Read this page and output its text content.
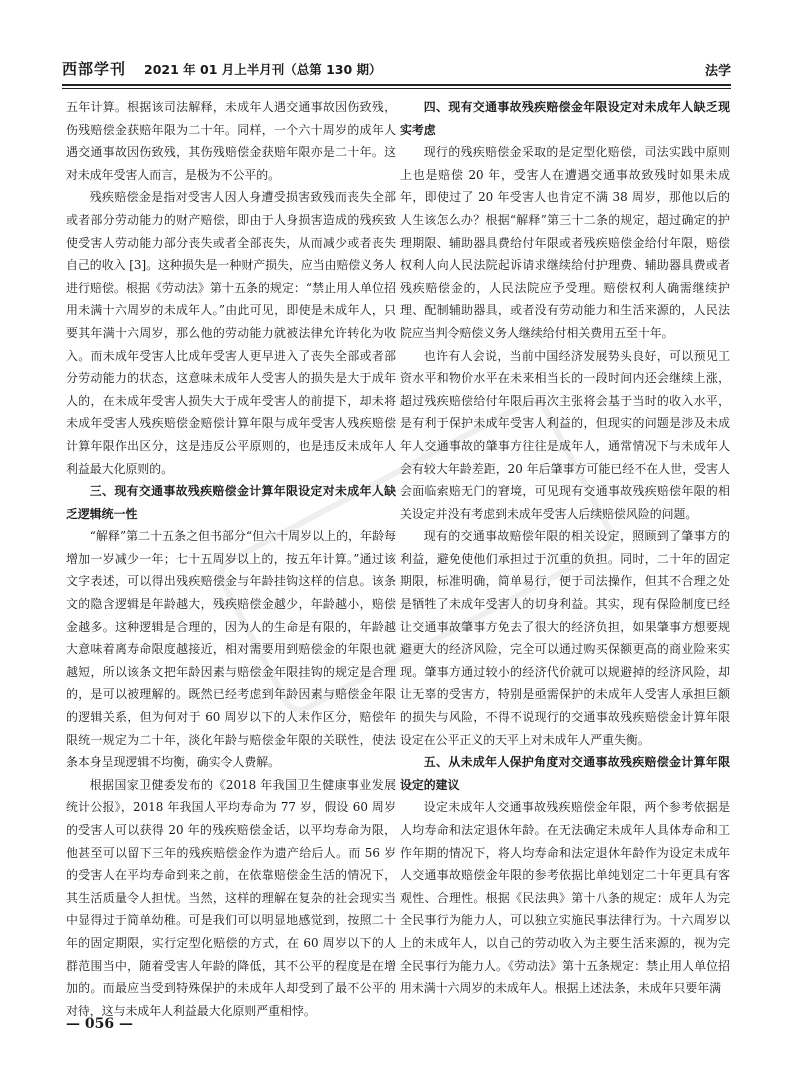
西部学刊 2021 年 01 月上半月刊（总第 130 期）	法学

五年计算。根据该司法解释，未成年人遇交通事故因伤致残，伤残赔偿金获赔年限为二十年。同样，一个六十周岁的成年人遇交通事故因伤致残，其伤残赔偿金获赔年限亦是二十年。这对未成年受害人而言，是极为不公平的。

残疾赔偿金是指对受害人因人身遭受损害致残而丧失全部或者部分劳动能力的财产赔偿，即由于人身损害造成的残疾致使受害人劳动能力部分丧失或者全部丧失，从而减少或者丧失自己的收入 [3]。这种损失是一种财产损失，应当由赔偿义务人进行赔偿。根据《劳动法》第十五条的规定：“禁止用人单位招用未满十六周岁的未成年人。”由此可见，即使是未成年人，只要其年满十六周岁，那么他的劳动能力就被法律允许转化为收入。而未成年受害人比成年受害人更早进入了丧失全部或者部分劳动能力的状态，这意味未成年人受害人的损失是大于成年人的，在未成年受害人损失大于成年受害人的前提下，却未将未成年受害人残疾赔偿金赔偿计算年限与成年受害人残疾赔偿计算年限作出区分，这是违反公平原则的，也是违反未成年人利益最大化原则的。

三、现有交通事故残疾赔偿金计算年限设定对未成年人缺乏逻辑统一性

“解释”第二十五条之但书部分“但六十周岁以上的，年龄每增加一岁减少一年；七十五周岁以上的，按五年计算。”通过该文字表述，可以得出残疾赔偿金与年龄挂钩这样的信息。该条文的隐含逻辑是年龄越大，残疾赔偿金越少，年龄越小，赔偿金越多。这种逻辑是合理的，因为人的生命是有限的，年龄越大意味着离寿命限度越接近，相对需要用到赔偿金的年限也就越短，所以该条文把年龄因素与赔偿金年限挂钩的规定是合理的，是可以被理解的。既然已经考虑到年龄因素与赔偿金年限的逻辑关系，但为何对于 60 周岁以下的人未作区分，赔偿年限统一规定为二十年，淡化年龄与赔偿金年限的关联性，使法条本身呈现逻辑不均衡，确实令人费解。

根据国家卫健委发布的《2018 年我国卫生健康事业发展统计公报》，2018 年我国人平均寿命为 77 岁，假设 60 周岁的受害人可以获得 20 年的残疾赔偿金话，以平均寿命为限，他甚至可以留下三年的残疾赔偿金作为遗产给后人。而 56 岁的受害人在平均寿命到来之前，在依靠赔偿金生活的情况下，其生活质量令人担忧。当然，这样的理解在复杂的社会现实当中显得过于简单幼稚。可是我们可以明显地感觉到，按照二十年的固定期限，实行定型化赔偿的方式，在 60 周岁以下的人群范围当中，随着受害人年龄的降低，其不公平的程度是在增加的。而最应当受到特殊保护的未成年人却受到了最不公平的对待，这与未成年人利益最大化原则严重相悖。

四、现有交通事故残疾赔偿金年限设定对未成年人缺乏现实考虑

现行的残疾赔偿金采取的是定型化赔偿，司法实践中原则上也是赔偿 20 年，受害人在遭遇交通事故致残时如果未成年，即使过了 20 年受害人也肯定不满 38 周岁，那他以后的人生该怎么办？根据“解释”第三十二条的规定，超过确定的护理期限、辅助器具费给付年限或者残疾赔偿金给付年限，赔偿权利人向人民法院起诉请求继续给付护理费、辅助器具费或者残疾赔偿金的，人民法院应予受理。赔偿权利人确需继续护理、配制辅助器具，或者没有劳动能力和生活来源的，人民法院应当判令赔偿义务人继续给付相关费用五至十年。

也许有人会说，当前中国经济发展势头良好，可以预见工资水平和物价水平在未来相当长的一段时间内还会继续上涨，超过残疾赔偿给付年限后再次主张将会基于当时的收入水平，是有利于保护未成年受害人利益的，但现实的问题是涉及未成年人交通事故的肇事方往往是成年人，通常情况下与未成年人会有较大年龄差距，20 年后肇事方可能已经不在人世，受害人会面临索赔无门的窘境，可见现有交通事故残疾赔偿年限的相关设定并没有考虑到未成年受害人后续赔偿风险的问题。

现有的交通事故赔偿年限的相关设定，照顾到了肇事方的利益，避免使他们承担过于沉重的负担。同时，二十年的固定期限，标准明确，简单易行，便于司法操作，但其不合理之处是牺牲了未成年受害人的切身利益。其实，现有保险制度已经让交通事故肇事方免去了很大的经济负担，如果肇事方想要规避更大的经济风险，完全可以通过购买保额更高的商业险来实现。肇事方通过较小的经济代价就可以规避掉的经济风险，却让无辜的受害方，特别是亟需保护的未成年人受害人承担巨额的损失与风险，不得不说现行的交通事故残疾赔偿金计算年限设定在公平正义的天平上对未成年人严重失衡。

五、从未成年人保护角度对交通事故残疾赔偿金计算年限设定的建议

设定未成年人交通事故残疾赔偿金年限，两个参考依据是人均寿命和法定退休年龄。在无法确定未成年人具体寿命和工作年期的情况下，将人均寿命和法定退休年龄作为设定未成年人交通事故赔偿金年限的参考依据比单纯划定二十年更具有客观性、合理性。根据《民法典》第十八条的规定：成年人为完全民事行为能力人，可以独立实施民事法律行为。十六周岁以上的未成年人，以自己的劳动收入为主要生活来源的，视为完全民事行为能力人。《劳动法》第十五条规定：禁止用人单位招用未满十六周岁的未成年人。根据上述法条，未成年只要年满

— 056 —
